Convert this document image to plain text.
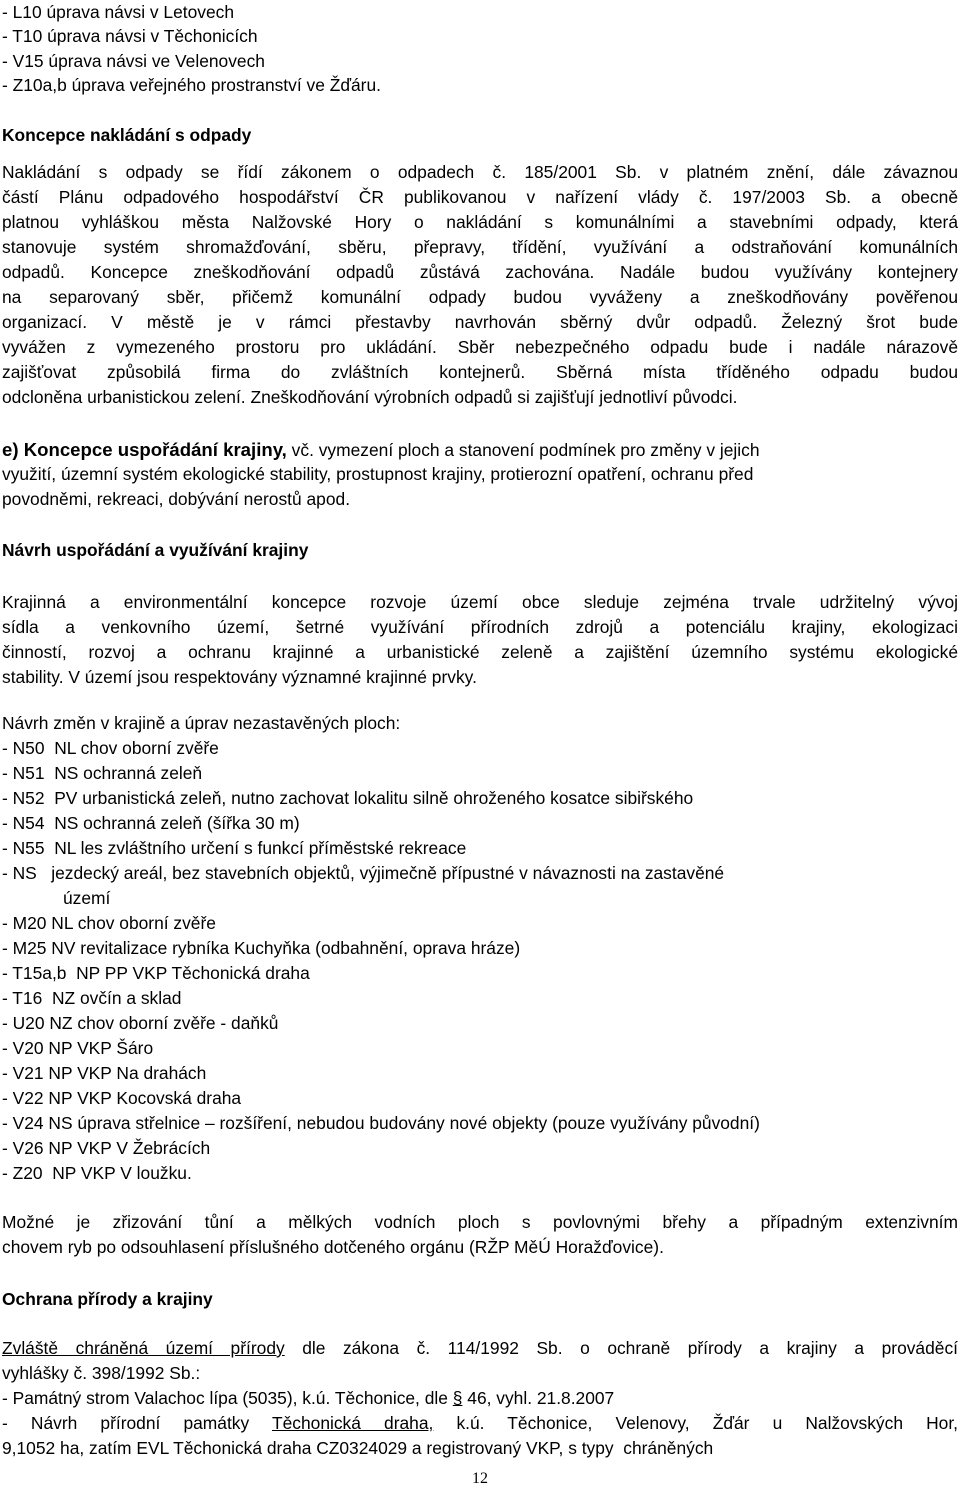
- L10 úprava návsi v Letovech
- T10 úprava návsi v Těchonicích
- V15 úprava návsi ve Velenovech
- Z10a,b úprava veřejného prostranství ve Žďáru.
Koncepce nakládání s odpady
Nakládání s odpady se řídí zákonem o odpadech č. 185/2001 Sb. v platném znění, dále závaznou
částí Plánu odpadového hospodářství ČR publikovanou v nařízení vlády č. 197/2003 Sb. a obecně
platnou vyhláškou města Nalžovské Hory o nakládání s komunálními a stavebními odpady, která
stanovuje systém shromažďování, sběru, přepravy, třídění, využívání a odstraňování komunálních
odpadů. Koncepce zneškodňování odpadů zůstává zachována. Nadále budou využívány kontejnery
na separovaný sběr, přičemž komunální odpady budou vyváženy a zneškodňovány pověřenou
organizací. V městě je v rámci přestavby navrhován sběrný dvůr odpadů. Železný šrot bude
vyvážen z vymezeného prostoru pro ukládání. Sběr nebezpečného odpadu bude i nadále nárazově
zajišťovat způsobilá firma do zvláštních kontejnerů. Sběrná místa tříděného odpadu budou
odcloněna urbanistickou zelení. Zneškodňování výrobních odpadů si zajišťují jednotliví původci.
e) Koncepce uspořádání krajiny, vč. vymezení ploch a stanovení podmínek pro změny v jejich
využití, územní systém ekologické stability, prostupnost krajiny, protierozní opatření, ochranu před
povodněmi, rekreaci, dobývání nerostů apod.
Návrh uspořádání a využívání krajiny
Krajinná a environmentální koncepce rozvoje území obce sleduje zejména trvale udržitelný vývoj
sídla a venkovního území, šetrné využívání přírodních zdrojů a potenciálu krajiny, ekologizaci
činností, rozvoj a ochranu krajinné a urbanistické zeleně a zajištění územního systému ekologické
stability. V území jsou respektovány významné krajinné prvky.
Návrh změn v krajině a úprav nezastavěných ploch:
- N50  NL chov oborní zvěře
- N51  NS ochranná zeleň
- N52  PV urbanistická zeleň, nutno zachovat lokalitu silně ohroženého kosatce sibiřského
- N54  NS ochranná zeleň (šířka 30 m)
- N55  NL les zvláštního určení s funkcí příměstské rekreace
- NS   jezdecký areál, bez stavebních objektů, výjimečně přípustné v návaznosti na zastavěné
území
- M20 NL chov oborní zvěře
- M25 NV revitalizace rybníka Kuchyňka (odbahnění, oprava hráze)
- T15a,b  NP PP VKP Těchonická draha
- T16  NZ ovčín a sklad
- U20 NZ chov oborní zvěře - daňků
- V20 NP VKP Šáro
- V21 NP VKP Na drahách
- V22 NP VKP Kocovská draha
- V24 NS úprava střelnice – rozšíření, nebudou budovány nové objekty (pouze využívány původní)
- V26 NP VKP V Žebrácích
- Z20  NP VKP V loužku.
Možné je zřizování tůní a mělkých vodních ploch s povlovnými břehy a případným extenzivním
chovem ryb po odsouhlasení příslušného dotčeného orgánu (RŽP MěÚ Horažďovice).
Ochrana přírody a krajiny
Zvláště chráněná území přírody dle zákona č. 114/1992 Sb. o ochraně přírody a krajiny a prováděcí
vyhlášky č. 398/1992 Sb.:
- Památný strom Valachoc lípa (5035), k.ú. Těchonice, dle § 46, vyhl. 21.8.2007
- Návrh přírodní památky Těchonická draha, k.ú. Těchonice, Velenovy, Žďár u Nalžovských Hor,
9,1052 ha, zatím EVL Těchonická draha CZ0324029 a registrovaný VKP, s typy  chráněných
12
